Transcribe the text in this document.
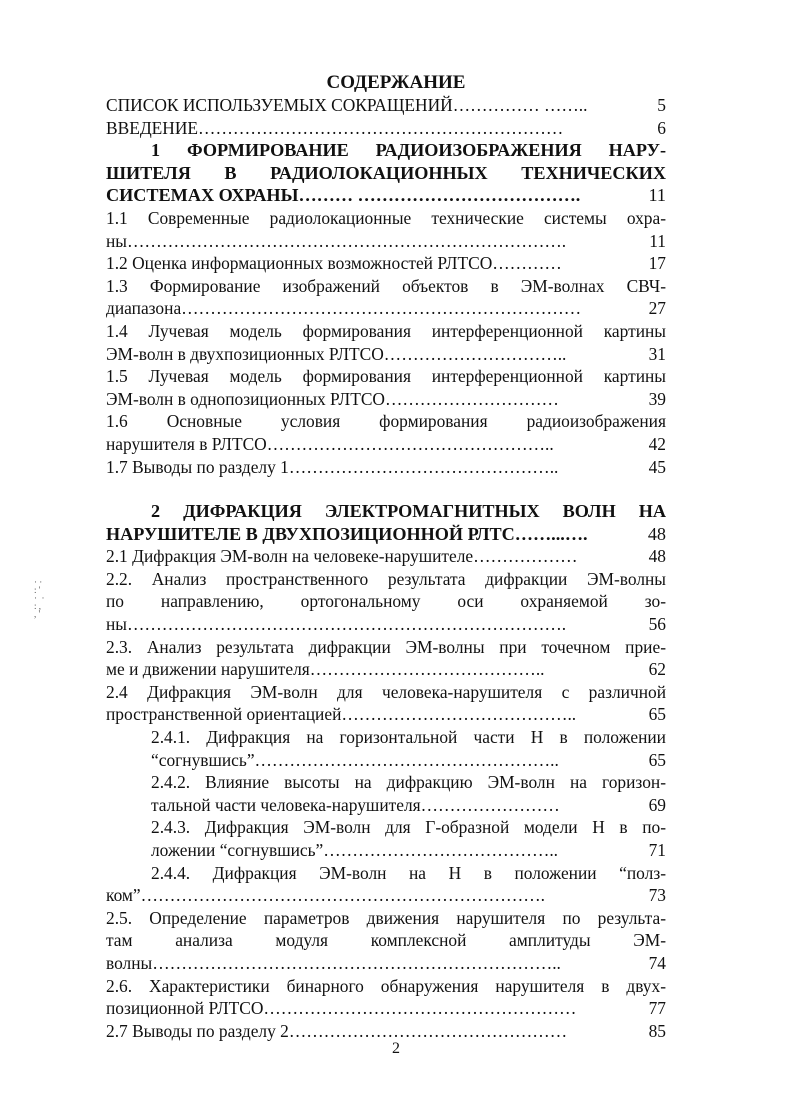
СОДЕРЖАНИЕ
СПИСОК ИСПОЛЬЗУЕМЫХ СОКРАЩЕНИЙ…………… ……..	5
ВВЕДЕНИЕ………………………………………………………	6
1 ФОРМИРОВАНИЕ РАДИОИЗОБРАЖЕНИЯ НАРУ-
ШИТЕЛЯ В РАДИОЛОКАЦИОННЫХ ТЕХНИЧЕСКИХ
СИСТЕМАХ ОХРАНЫ……… ……………………………….	11
1.1 Современные радиолокационные технические системы охра-
ны………………………………………………………………….	11
1.2 Оценка информационных возможностей РЛТСО…………	17
1.3 Формирование изображений объектов в ЭМ-волнах СВЧ-
диапазона……………………………………………………………	27
1.4 Лучевая модель формирования интерференционной картины
ЭМ-волн в двухпозиционных РЛТСО…………………………..	31
1.5 Лучевая модель формирования интерференционной картины
ЭМ-волн в однопозиционных РЛТСО…………………………	39
1.6 Основные условия формирования радиоизображения
нарушителя в РЛТСО…………………………………………..	42
1.7 Выводы по разделу 1………………………………………..	45
2 ДИФРАКЦИЯ ЭЛЕКТРОМАГНИТНЫХ ВОЛН НА
НАРУШИТЕЛЕ В ДВУХПОЗИЦИОННОЙ РЛТС……...….	48
2.1 Дифракция ЭМ-волн на человеке-нарушителе………………	48
2.2. Анализ пространственного результата дифракции ЭМ-волны
по направлению, ортогональному оси охраняемой зо-
ны………………………………………………………………….	56
2.3. Анализ результата дифракции ЭМ-волны при точечном прие-
ме и движении нарушителя…………………………………..	62
2.4 Дифракция ЭМ-волн для человека-нарушителя с различной
пространственной ориентацией…………………………………..	65
2.4.1. Дифракция на горизонтальной части Н в положении
“согнувшись”……………………………………………..	65
2.4.2. Влияние высоты на дифракцию ЭМ-волн на горизон-
тальной части человека-нарушителя……………………	69
2.4.3. Дифракция ЭМ-волн для Г-образной модели Н в по-
ложении “согнувшись”…………………………………..	71
2.4.4. Дифракция ЭМ-волн на Н в положении “полз-
ком”…………………………………………………………….	73
2.5. Определение параметров движения нарушителя по результа-
там анализа модуля комплексной амплитуды ЭМ-
волны……………………………………………………………..	74
2.6. Характеристики бинарного обнаружения нарушителя в двух-
позиционной РЛТСО………………………………………………	77
2.7 Выводы по разделу 2…………………………………………	85
· ·
: '
·  ·
: ,
, '
2
